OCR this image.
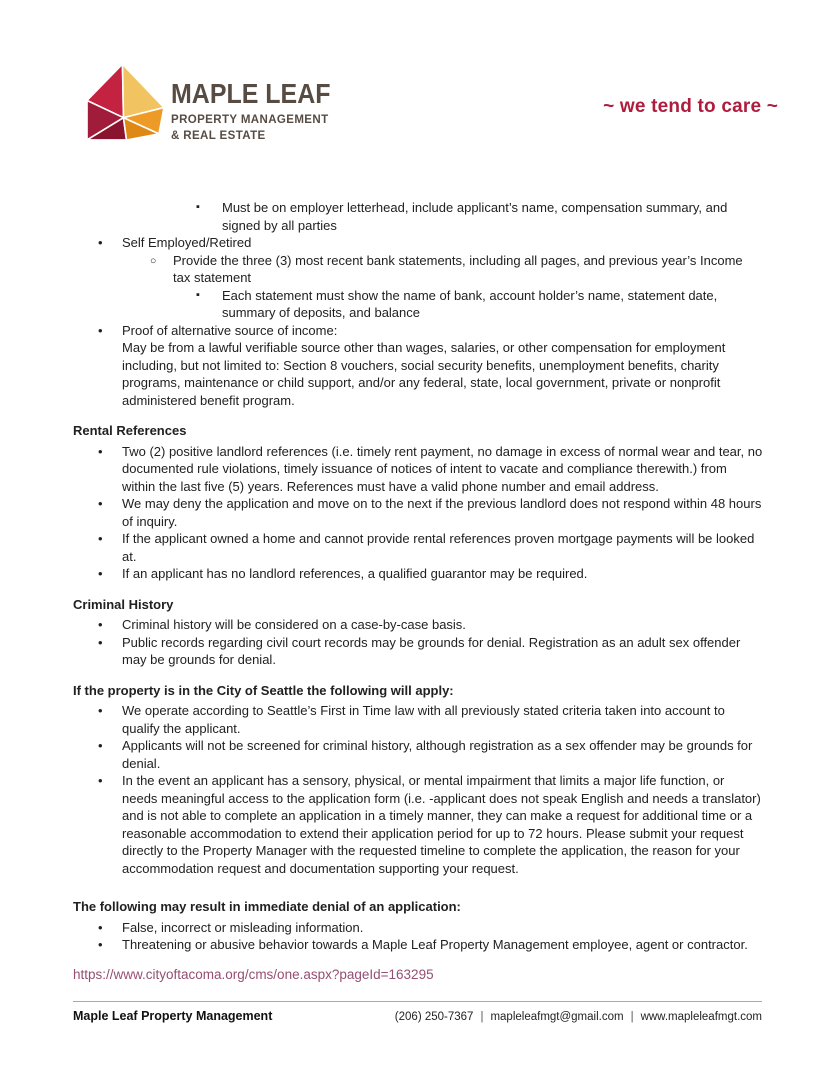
MAPLE LEAF
PROPERTY MANAGEMENT
& REAL ESTATE
~ we tend to care ~
▪ Must be on employer letterhead, include applicant’s name, compensation summary, and signed by all parties
• Self Employed/Retired
○ Provide the three (3) most recent bank statements, including all pages, and previous year’s Income tax statement
▪ Each statement must show the name of bank, account holder’s name, statement date, summary of deposits, and balance
• Proof of alternative source of income:
May be from a lawful verifiable source other than wages, salaries, or other compensation for employment including, but not limited to: Section 8 vouchers, social security benefits, unemployment benefits, charity programs, maintenance or child support, and/or any federal, state, local government, private or nonprofit administered benefit program.
Rental References
• Two (2) positive landlord references (i.e. timely rent payment, no damage in excess of normal wear and tear, no documented rule violations, timely issuance of notices of intent to vacate and compliance therewith.) from within the last five (5) years. References must have a valid phone number and email address.
• We may deny the application and move on to the next if the previous landlord does not respond within 48 hours of inquiry.
• If the applicant owned a home and cannot provide rental references proven mortgage payments will be looked at.
• If an applicant has no landlord references, a qualified guarantor may be required.
Criminal History
• Criminal history will be considered on a case-by-case basis.
• Public records regarding civil court records may be grounds for denial. Registration as an adult sex offender may be grounds for denial.
If the property is in the City of Seattle the following will apply:
• We operate according to Seattle’s First in Time law with all previously stated criteria taken into account to qualify the applicant.
• Applicants will not be screened for criminal history, although registration as a sex offender may be grounds for denial.
• In the event an applicant has a sensory, physical, or mental impairment that limits a major life function, or needs meaningful access to the application form (i.e. -applicant does not speak English and needs a translator) and is not able to complete an application in a timely manner, they can make a request for additional time or a reasonable accommodation to extend their application period for up to 72 hours. Please submit your request directly to the Property Manager with the requested timeline to complete the application, the reason for your accommodation request and documentation supporting your request.
The following may result in immediate denial of an application:
• False, incorrect or misleading information.
• Threatening or abusive behavior towards a Maple Leaf Property Management employee, agent or contractor.
https://www.cityoftacoma.org/cms/one.aspx?pageId=163295
Maple Leaf Property Management	(206) 250-7367 | mapleleafmgt@gmail.com | www.mapleleafmgt.com
